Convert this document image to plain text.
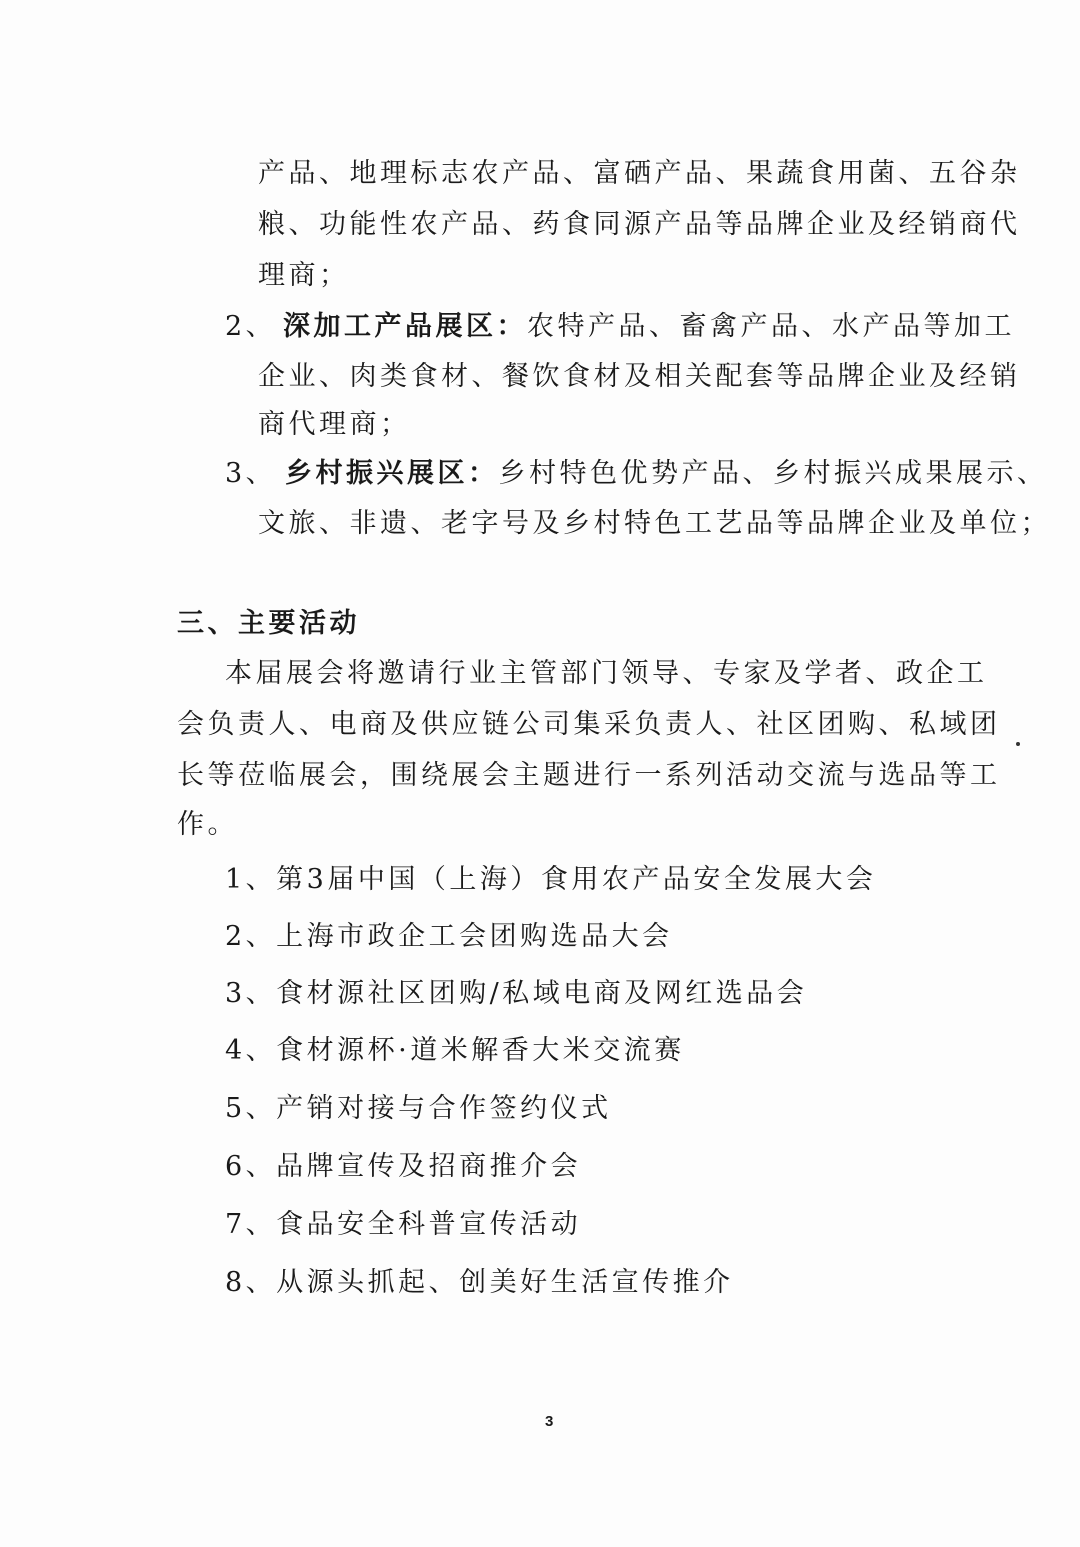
产品、地理标志农产品、富硒产品、果蔬食用菌、五谷杂
粮、功能性农产品、药食同源产品等品牌企业及经销商代
理商；
2、 深加工产品展区：农特产品、畜禽产品、水产品等加工
企业、肉类食材、餐饮食材及相关配套等品牌企业及经销
商代理商；
3、 乡村振兴展区：乡村特色优势产品、乡村振兴成果展示、
文旅、非遗、老字号及乡村特色工艺品等品牌企业及单位；
三、主要活动
本届展会将邀请行业主管部门领导、专家及学者、政企工
会负责人、电商及供应链公司集采负责人、社区团购、私域团
长等莅临展会，围绕展会主题进行一系列活动交流与选品等工
作。
1、第3届中国（上海）食用农产品安全发展大会
2、上海市政企工会团购选品大会
3、食材源社区团购/私域电商及网红选品会
4、食材源杯·道米解香大米交流赛
5、产销对接与合作签约仪式
6、品牌宣传及招商推介会
7、食品安全科普宣传活动
8、从源头抓起、创美好生活宣传推介
3
